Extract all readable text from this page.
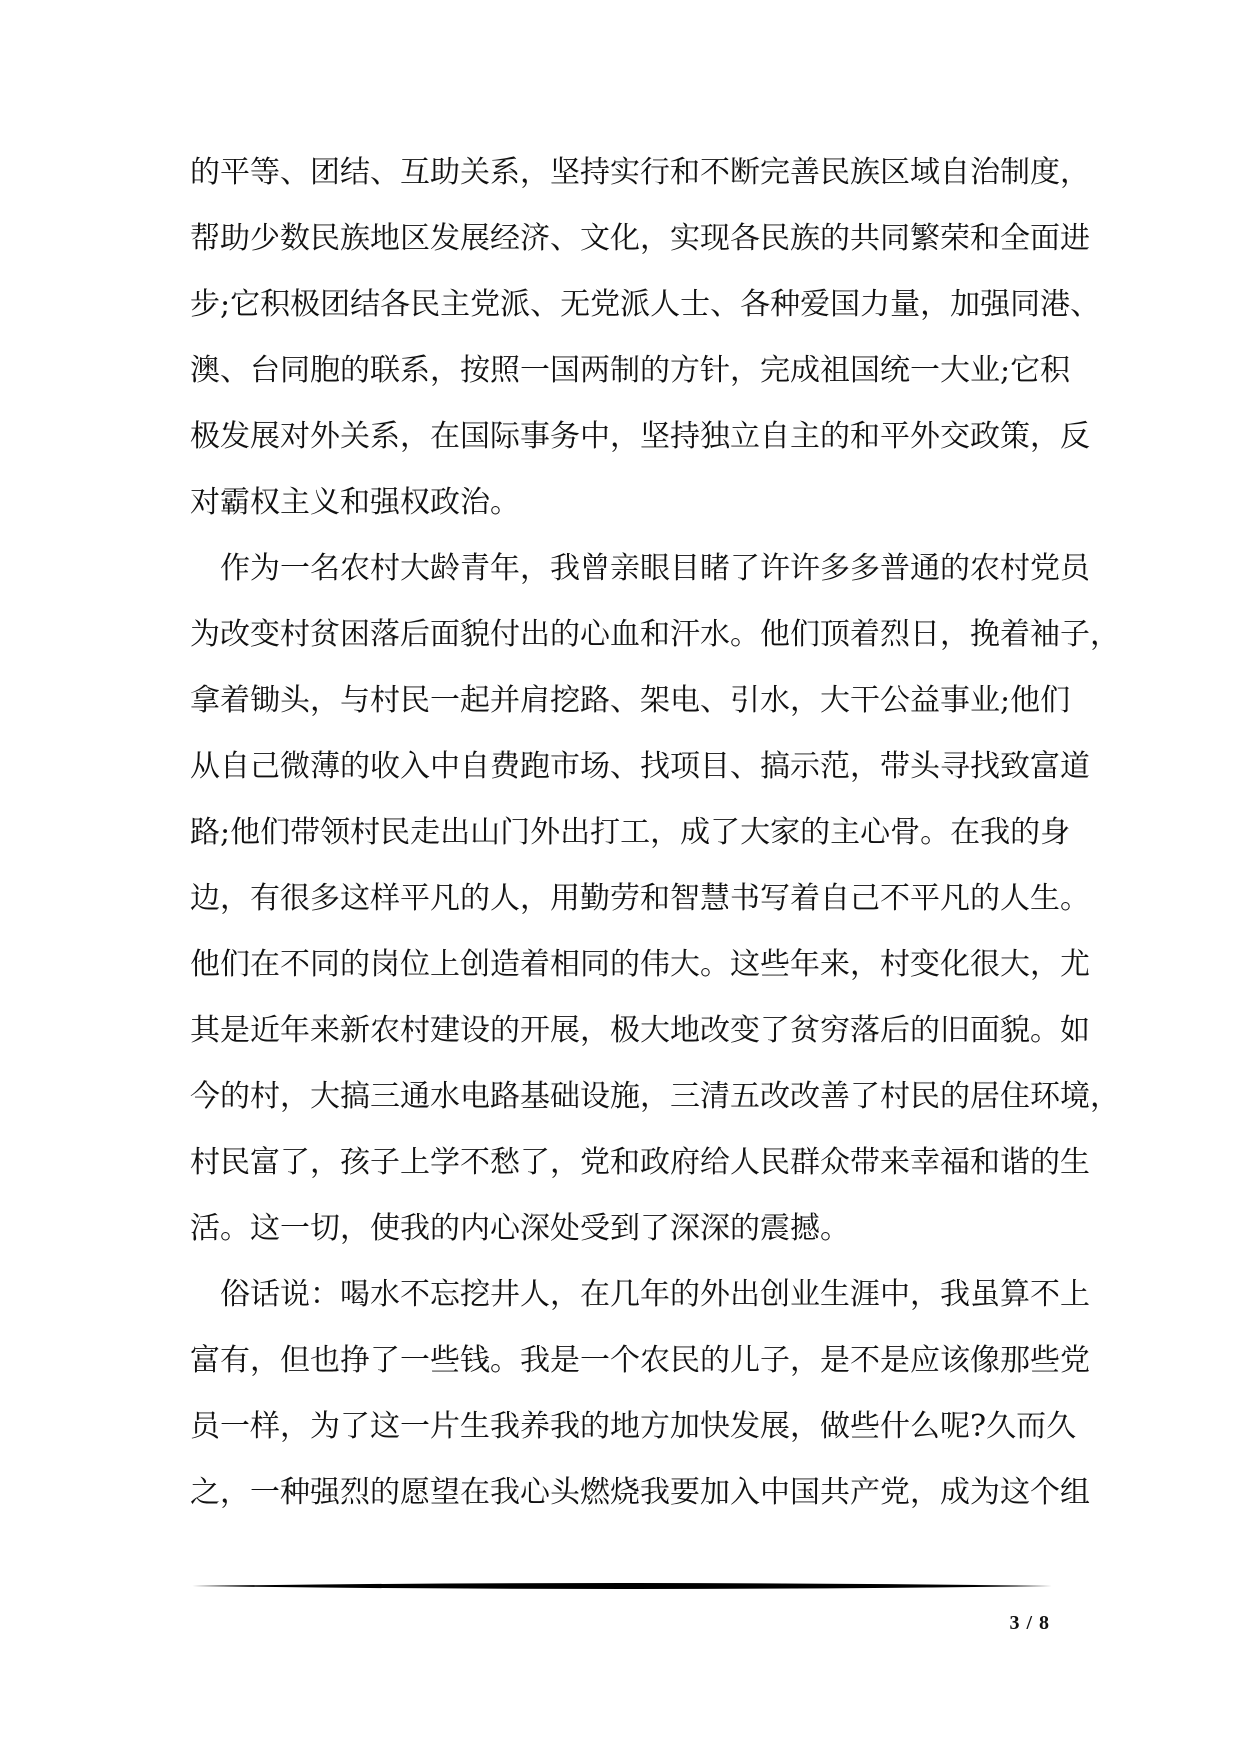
的平等、团结、互助关系，坚持实行和不断完善民族区域自治制度，
帮助少数民族地区发展经济、文化，实现各民族的共同繁荣和全面进
步;它积极团结各民主党派、无党派人士、各种爱国力量，加强同港、
澳、台同胞的联系，按照一国两制的方针，完成祖国统一大业;它积
极发展对外关系，在国际事务中，坚持独立自主的和平外交政策，反
对霸权主义和强权政治。

作为一名农村大龄青年，我曾亲眼目睹了许许多多普通的农村党员
为改变村贫困落后面貌付出的心血和汗水。他们顶着烈日，挽着袖子，
拿着锄头，与村民一起并肩挖路、架电、引水，大干公益事业;他们
从自己微薄的收入中自费跑市场、找项目、搞示范，带头寻找致富道
路;他们带领村民走出山门外出打工，成了大家的主心骨。在我的身
边，有很多这样平凡的人，用勤劳和智慧书写着自己不平凡的人生。
他们在不同的岗位上创造着相同的伟大。这些年来，村变化很大，尤
其是近年来新农村建设的开展，极大地改变了贫穷落后的旧面貌。如
今的村，大搞三通水电路基础设施，三清五改改善了村民的居住环境，
村民富了，孩子上学不愁了，党和政府给人民群众带来幸福和谐的生
活。这一切，使我的内心深处受到了深深的震撼。

俗话说：喝水不忘挖井人，在几年的外出创业生涯中，我虽算不上
富有，但也挣了一些钱。我是一个农民的儿子，是不是应该像那些党
员一样，为了这一片生我养我的地方加快发展，做些什么呢?久而久
之，一种强烈的愿望在我心头燃烧我要加入中国共产党，成为这个组

3 / 8
